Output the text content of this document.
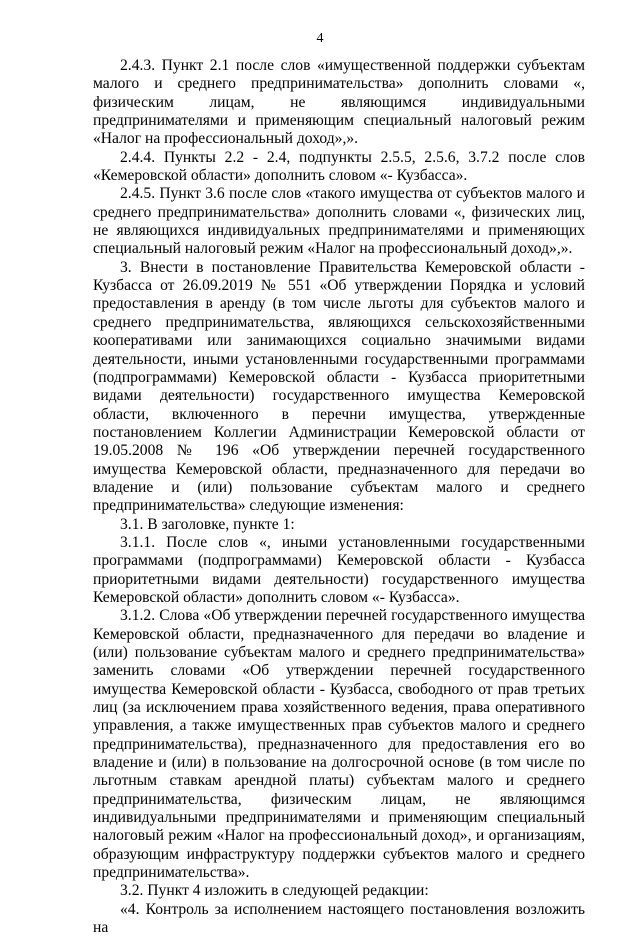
4

2.4.3. Пункт 2.1 после слов «имущественной поддержки субъектам малого и среднего предпринимательства» дополнить словами «, физическим лицам, не являющимся индивидуальными предпринимателями и применяющим специальный налоговый режим «Налог на профессиональный доход»,».

2.4.4. Пункты 2.2 - 2.4, подпункты 2.5.5, 2.5.6, 3.7.2 после слов «Кемеровской области» дополнить словом «- Кузбасса».

2.4.5. Пункт 3.6 после слов «такого имущества от субъектов малого и среднего предпринимательства» дополнить словами «, физических лиц, не являющихся индивидуальных предпринимателями и применяющих специальный налоговый режим «Налог на профессиональный доход»,».

3. Внести в постановление Правительства Кемеровской области - Кузбасса от 26.09.2019 № 551 «Об утверждении Порядка и условий предоставления в аренду (в том числе льготы для субъектов малого и среднего предпринимательства, являющихся сельскохозяйственными кооперативами или занимающихся социально значимыми видами деятельности, иными установленными государственными программами (подпрограммами) Кемеровской области - Кузбасса приоритетными видами деятельности) государственного имущества Кемеровской области, включенного в перечни имущества, утвержденные постановлением Коллегии Администрации Кемеровской области от 19.05.2008 № 196 «Об утверждении перечней государственного имущества Кемеровской области, предназначенного для передачи во владение и (или) пользование субъектам малого и среднего предпринимательства» следующие изменения:

3.1. В заголовке, пункте 1:

3.1.1. После слов «, иными установленными государственными программами (подпрограммами) Кемеровской области - Кузбасса приоритетными видами деятельности) государственного имущества Кемеровской области» дополнить словом «- Кузбасса».

3.1.2. Слова «Об утверждении перечней государственного имущества Кемеровской области, предназначенного для передачи во владение и (или) пользование субъектам малого и среднего предпринимательства» заменить словами «Об утверждении перечней государственного имущества Кемеровской области - Кузбасса, свободного от прав третьих лиц (за исключением права хозяйственного ведения, права оперативного управления, а также имущественных прав субъектов малого и среднего предпринимательства), предназначенного для предоставления его во владение и (или) в пользование на долгосрочной основе (в том числе по льготным ставкам арендной платы) субъектам малого и среднего предпринимательства, физическим лицам, не являющимся индивидуальными предпринимателями и применяющим специальный налоговый режим «Налог на профессиональный доход», и организациям, образующим инфраструктуру поддержки субъектов малого и среднего предпринимательства».

3.2. Пункт 4 изложить в следующей редакции:

«4. Контроль за исполнением настоящего постановления возложить на
